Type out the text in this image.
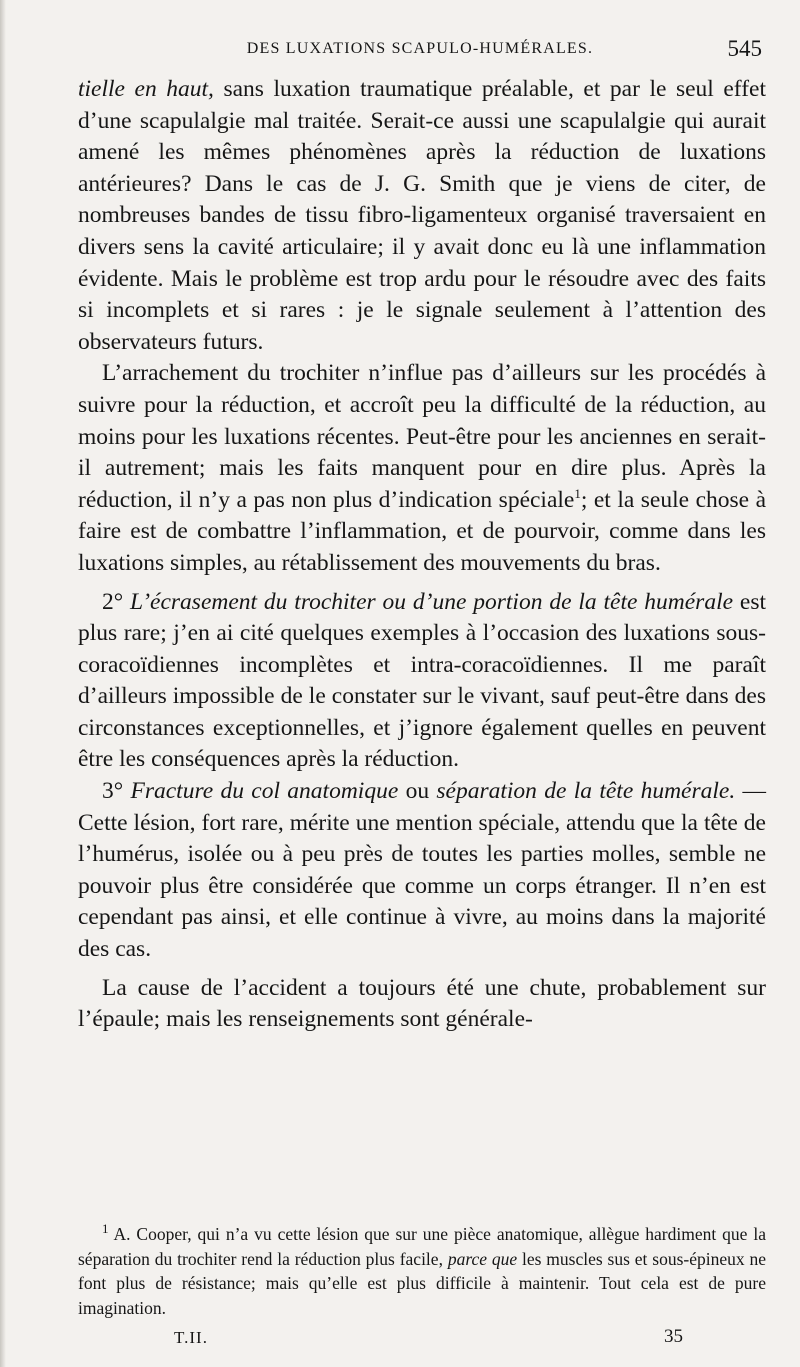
DES LUXATIONS SCAPULO-HUMÉRALES.	545

tielle en haut, sans luxation traumatique préalable, et par le seul effet d’une scapulalgie mal traitée. Serait-ce aussi une scapulalgie qui aurait amené les mêmes phénomènes après la réduction de luxations antérieures? Dans le cas de J. G. Smith que je viens de citer, de nombreuses bandes de tissu fibro-ligamenteux organisé traversaient en divers sens la cavité articulaire; il y avait donc eu là une inflammation évidente. Mais le problème est trop ardu pour le résoudre avec des faits si incomplets et si rares : je le signale seulement à l’attention des observateurs futurs.

L’arrachement du trochiter n’influe pas d’ailleurs sur les procédés à suivre pour la réduction, et accroît peu la difficulté de la réduction, au moins pour les luxations récentes. Peut-être pour les anciennes en serait-il autrement; mais les faits manquent pour en dire plus. Après la réduction, il n’y a pas non plus d’indication spéciale$^1$; et la seule chose à faire est de combattre l’inflammation, et de pourvoir, comme dans les luxations simples, au rétablissement des mouvements du bras.

2° L’écrasement du trochiter ou d’une portion de la tête humérale est plus rare; j’en ai cité quelques exemples à l’occasion des luxations sous-coracoïdiennes incomplètes et intra-coracoïdiennes. Il me paraît d’ailleurs impossible de le constater sur le vivant, sauf peut-être dans des circonstances exceptionnelles, et j’ignore également quelles en peuvent être les conséquences après la réduction.

3° Fracture du col anatomique ou séparation de la tête humérale. — Cette lésion, fort rare, mérite une mention spéciale, attendu que la tête de l’humérus, isolée ou à peu près de toutes les parties molles, semble ne pouvoir plus être considérée que comme un corps étranger. Il n’en est cependant pas ainsi, et elle continue à vivre, au moins dans la majorité des cas.

La cause de l’accident a toujours été une chute, probablement sur l’épaule; mais les renseignements sont générale-

$^1$ A. Cooper, qui n’a vu cette lésion que sur une pièce anatomique, allègue hardiment que la séparation du trochiter rend la réduction plus facile, parce que les muscles sus et sous-épineux ne font plus de résistance; mais qu’elle est plus difficile à maintenir. Tout cela est de pure imagination.

T.II.	35
